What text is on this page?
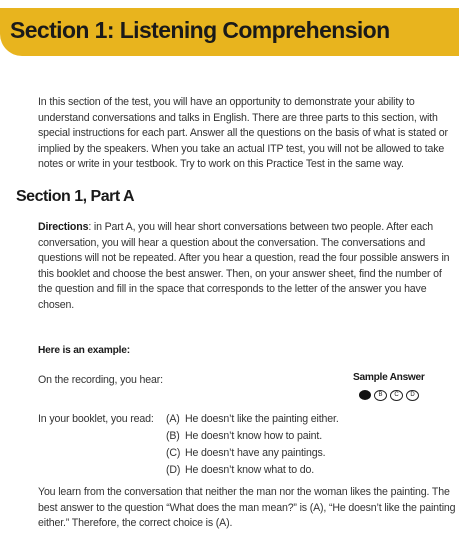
Section 1: Listening Comprehension
In this section of the test, you will have an opportunity to demonstrate your ability to understand conversations and talks in English. There are three parts to this section, with special instructions for each part. Answer all the questions on the basis of what is stated or implied by the speakers. When you take an actual ITP test, you will not be allowed to take notes or write in your testbook. Try to work on this Practice Test in the same way.
Section 1, Part A
Directions: in Part A, you will hear short conversations between two people. After each conversation, you will hear a question about the conversation. The conversations and questions will not be repeated. After you hear a question, read the four possible answers in this booklet and choose the best answer. Then, on your answer sheet, find the number of the question and fill in the space that corresponds to the letter of the answer you have chosen.
Here is an example:
On the recording, you hear:	Sample Answer
B	C	D
In your booklet, you read: (A) He doesn’t like the painting either.
(B) He doesn’t know how to paint.
(C) He doesn’t have any paintings.
(D) He doesn’t know what to do.
You learn from the conversation that neither the man nor the woman likes the painting. The best answer to the question “What does the man mean?” is (A), “He doesn’t like the painting either.” Therefore, the correct choice is (A).
